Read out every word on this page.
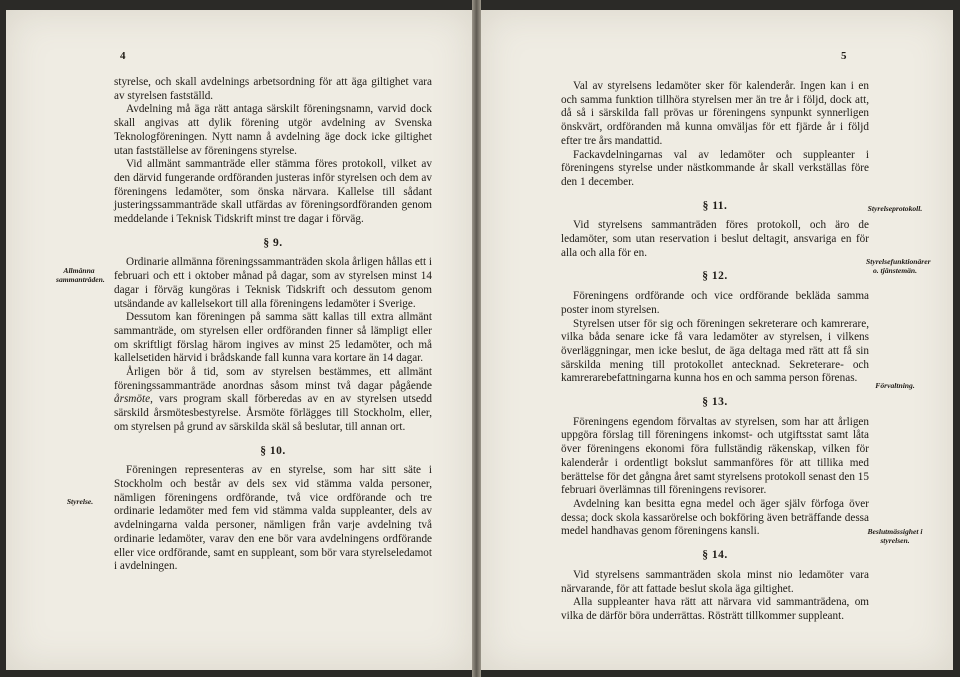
4
Allmänna sammanträden.
Styrelse.

styrelse, och skall avdelnings arbetsordning för att äga giltighet vara av styrelsen fastställd.

Avdelning må äga rätt antaga särskilt föreningsnamn, varvid dock skall angivas att dylik förening utgör avdelning av Svenska Teknologföreningen. Nytt namn å avdelning äge dock icke giltighet utan fastställelse av föreningens styrelse.

Vid allmänt sammanträde eller stämma föres protokoll, vilket av den därvid fungerande ordföranden justeras inför styrelsen och dem av föreningens ledamöter, som önska närvara. Kallelse till sådant justeringssammanträde skall utfärdas av föreningsordföranden genom meddelande i Teknisk Tidskrift minst tre dagar i förväg.

§ 9.

Ordinarie allmänna föreningssammanträden skola årligen hållas ett i februari och ett i oktober månad på dagar, som av styrelsen minst 14 dagar i förväg kungöras i Teknisk Tidskrift och dessutom genom utsändande av kallelsekort till alla föreningens ledamöter i Sverige.

Dessutom kan föreningen på samma sätt kallas till extra allmänt sammanträde, om styrelsen eller ordföranden finner så lämpligt eller om skriftligt förslag härom ingives av minst 25 ledamöter, och må kallelsetiden härvid i brådskande fall kunna vara kortare än 14 dagar.

Årligen bör å tid, som av styrelsen bestämmes, ett allmänt föreningssammanträde anordnas såsom minst två dagar pågående årsmöte, vars program skall förberedas av en av styrelsen utsedd särskild årsmötesbestyrelse. Årsmöte förlägges till Stockholm, eller, om styrelsen på grund av särskilda skäl så beslutar, till annan ort.

§ 10.

Föreningen representeras av en styrelse, som har sitt säte i Stockholm och består av dels sex vid stämma valda personer, nämligen föreningens ordförande, två vice ordförande och tre ordinarie ledamöter med fem vid stämma valda suppleanter, dels av avdelningarna valda personer, nämligen från varje avdelning två ordinarie ledamöter, varav den ene bör vara avdelningens ordförande eller vice ordförande, samt en suppleant, som bör vara styrelseledamot i avdelningen.

5
Styrelseprotokoll.
Styrelsefunktionärer o. tjänstemän.
Förvaltning.
Beslutmässighet i styrelsen.

Val av styrelsens ledamöter sker för kalenderår. Ingen kan i en och samma funktion tillhöra styrelsen mer än tre år i följd, dock att, då så i särskilda fall prövas ur föreningens synpunkt synnerligen önskvärt, ordföranden må kunna omväljas för ett fjärde år i följd efter tre års mandattid.

Fackavdelningarnas val av ledamöter och suppleanter i föreningens styrelse under nästkommande år skall verkställas före den 1 december.

§ 11.

Vid styrelsens sammanträden föres protokoll, och äro de ledamöter, som utan reservation i beslut deltagit, ansvariga en för alla och alla för en.

§ 12.

Föreningens ordförande och vice ordförande bekläda samma poster inom styrelsen.

Styrelsen utser för sig och föreningen sekreterare och kamrerare, vilka båda senare icke få vara ledamöter av styrelsen, i vilkens överläggningar, men icke beslut, de äga deltaga med rätt att få sin särskilda mening till protokollet antecknad. Sekreterare- och kamrerarebefattningarna kunna hos en och samma person förenas.

§ 13.

Föreningens egendom förvaltas av styrelsen, som har att årligen uppgöra förslag till föreningens inkomst- och utgiftsstat samt låta över föreningens ekonomi föra fullständig räkenskap, vilken för kalenderår i ordentligt bokslut sammanföres för att tillika med berättelse för det gångna året samt styrelsens protokoll senast den 15 februari överlämnas till föreningens revisorer.

Avdelning kan besitta egna medel och äger själv förfoga över dessa; dock skola kassarörelse och bokföring även beträffande dessa medel handhavas genom föreningens kansli.

§ 14.

Vid styrelsens sammanträden skola minst nio ledamöter vara närvarande, för att fattade beslut skola äga giltighet.

Alla suppleanter hava rätt att närvara vid sammanträdena, om vilka de därför böra underrättas. Rösträtt tillkommer suppleant.
